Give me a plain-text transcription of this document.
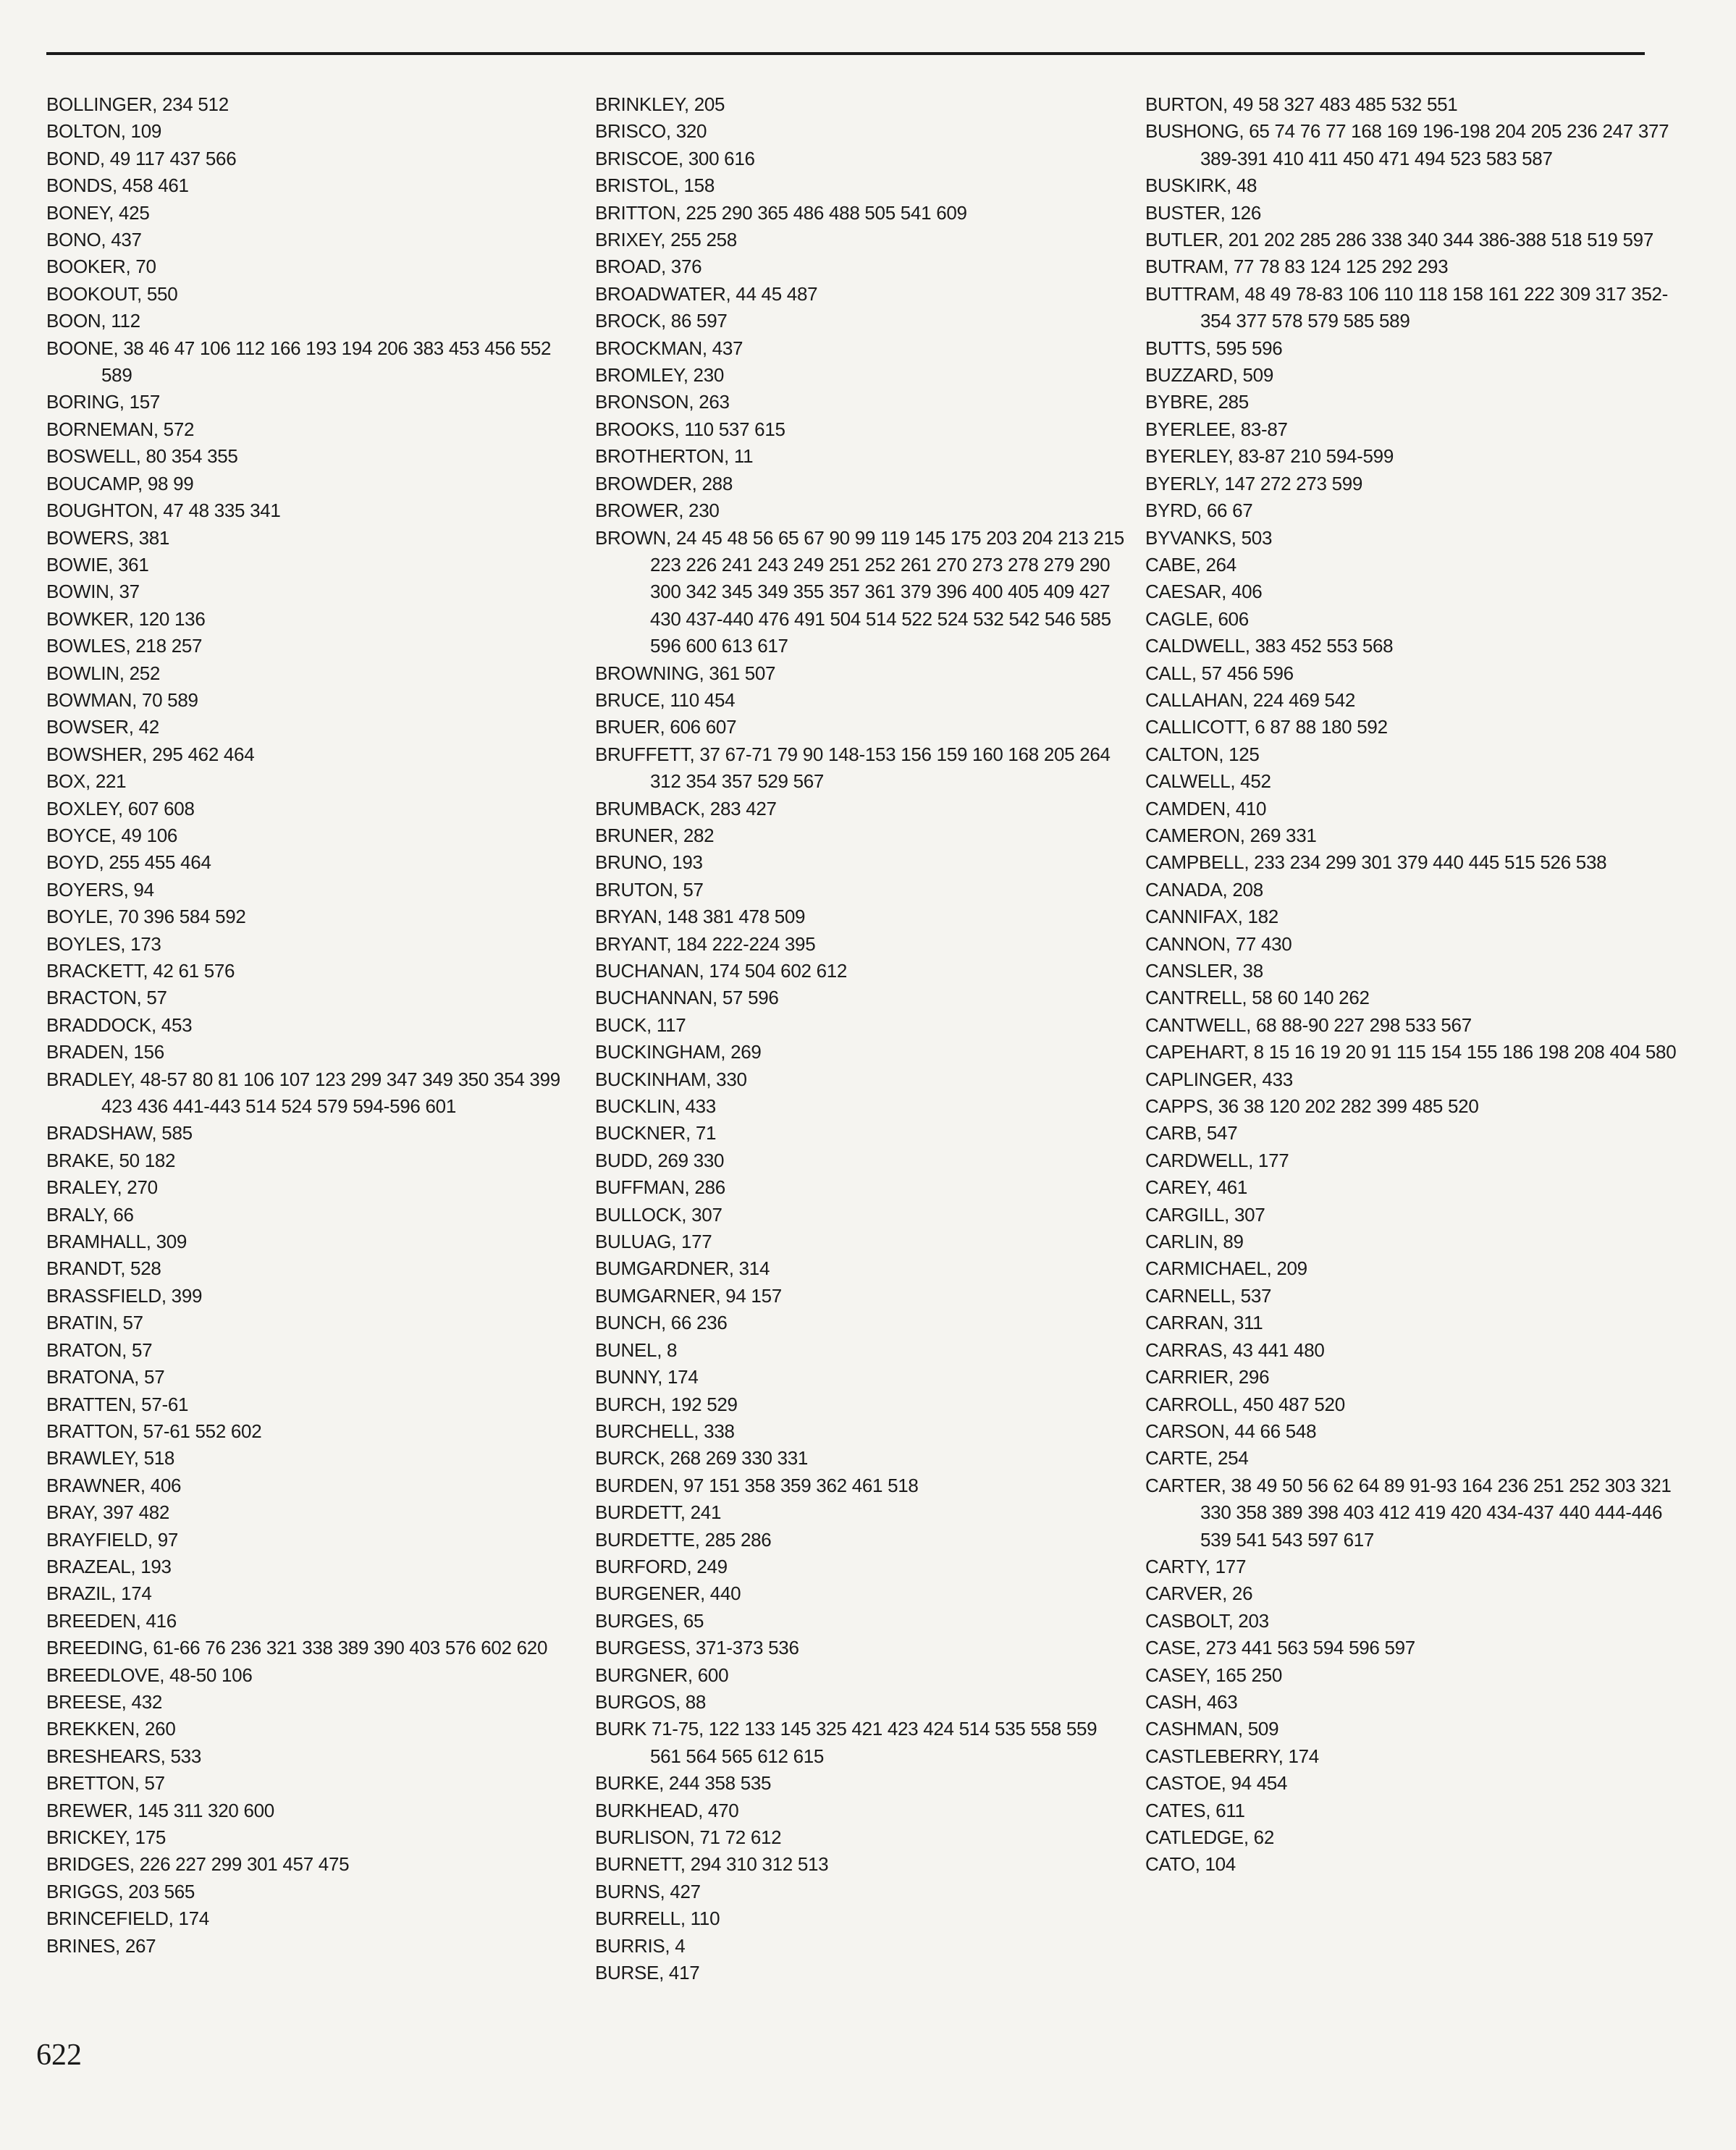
BOLLINGER, 234 512
BOLTON, 109
BOND, 49 117 437 566
BONDS, 458 461
BONEY, 425
BONO, 437
BOOKER, 70
BOOKOUT, 550
BOON, 112
BOONE, 38 46 47 106 112 166 193 194 206 383 453 456 552 589
BORING, 157
BORNEMAN, 572
BOSWELL, 80 354 355
BOUCAMP, 98 99
BOUGHTON, 47 48 335 341
BOWERS, 381
BOWIE, 361
BOWIN, 37
BOWKER, 120 136
BOWLES, 218 257
BOWLIN, 252
BOWMAN, 70 589
BOWSER, 42
BOWSHER, 295 462 464
BOX, 221
BOXLEY, 607 608
BOYCE, 49 106
BOYD, 255 455 464
BOYERS, 94
BOYLE, 70 396 584 592
BOYLES, 173
BRACKETT, 42 61 576
BRACTON, 57
BRADDOCK, 453
BRADEN, 156
BRADLEY, 48-57 80 81 106 107 123 299 347 349 350 354 399 423 436 441-443 514 524 579 594-596 601
BRADSHAW, 585
BRAKE, 50 182
BRALEY, 270
BRALY, 66
BRAMHALL, 309
BRANDT, 528
BRASSFIELD, 399
BRATIN, 57
BRATON, 57
BRATONA, 57
BRATTEN, 57-61
BRATTON, 57-61 552 602
BRAWLEY, 518
BRAWNER, 406
BRAY, 397 482
BRAYFIELD, 97
BRAZEAL, 193
BRAZIL, 174
BREEDEN, 416
BREEDING, 61-66 76 236 321 338 389 390 403 576 602 620
BREEDLOVE, 48-50 106
BREESE, 432
BREKKEN, 260
BRESHEARS, 533
BRETTON, 57
BREWER, 145 311 320 600
BRICKEY, 175
BRIDGES, 226 227 299 301 457 475
BRIGGS, 203 565
BRINCEFIELD, 174
BRINES, 267
BRINKLEY, 205
BRISCO, 320
BRISCOE, 300 616
BRISTOL, 158
BRITTON, 225 290 365 486 488 505 541 609
BRIXEY, 255 258
BROAD, 376
BROADWATER, 44 45 487
BROCK, 86 597
BROCKMAN, 437
BROMLEY, 230
BRONSON, 263
BROOKS, 110 537 615
BROTHERTON, 11
BROWDER, 288
BROWER, 230
BROWN, 24 45 48 56 65 67 90 99 119 145 175 203 204 213 215 223 226 241 243 249 251 252 261 270 273 278 279 290 300 342 345 349 355 357 361 379 396 400 405 409 427 430 437-440 476 491 504 514 522 524 532 542 546 585 596 600 613 617
BROWNING, 361 507
BRUCE, 110 454
BRUER, 606 607
BRUFFETT, 37 67-71 79 90 148-153 156 159 160 168 205 264 312 354 357 529 567
BRUMBACK, 283 427
BRUNER, 282
BRUNO, 193
BRUTON, 57
BRYAN, 148 381 478 509
BRYANT, 184 222-224 395
BUCHANAN, 174 504 602 612
BUCHANNAN, 57 596
BUCK, 117
BUCKINGHAM, 269
BUCKINHAM, 330
BUCKLIN, 433
BUCKNER, 71
BUDD, 269 330
BUFFMAN, 286
BULLOCK, 307
BULUAG, 177
BUMGARDNER, 314
BUMGARNER, 94 157
BUNCH, 66 236
BUNEL, 8
BUNNY, 174
BURCH, 192 529
BURCHELL, 338
BURCK, 268 269 330 331
BURDEN, 97 151 358 359 362 461 518
BURDETT, 241
BURDETTE, 285 286
BURFORD, 249
BURGENER, 440
BURGES, 65
BURGESS, 371-373 536
BURGNER, 600
BURGOS, 88
BURK 71-75, 122 133 145 325 421 423 424 514 535 558 559 561 564 565 612 615
BURKE, 244 358 535
BURKHEAD, 470
BURLISON, 71 72 612
BURNETT, 294 310 312 513
BURNS, 427
BURRELL, 110
BURRIS, 4
BURSE, 417
BURTON, 49 58 327 483 485 532 551
BUSHONG, 65 74 76 77 168 169 196-198 204 205 236 247 377 389-391 410 411 450 471 494 523 583 587
BUSKIRK, 48
BUSTER, 126
BUTLER, 201 202 285 286 338 340 344 386-388 518 519 597
BUTRAM, 77 78 83 124 125 292 293
BUTTRAM, 48 49 78-83 106 110 118 158 161 222 309 317 352-354 377 578 579 585 589
BUTTS, 595 596
BUZZARD, 509
BYBRE, 285
BYERLEE, 83-87
BYERLEY, 83-87 210 594-599
BYERLY, 147 272 273 599
BYRD, 66 67
BYVANKS, 503
CABE, 264
CAESAR, 406
CAGLE, 606
CALDWELL, 383 452 553 568
CALL, 57 456 596
CALLAHAN, 224 469 542
CALLICOTT, 6 87 88 180 592
CALTON, 125
CALWELL, 452
CAMDEN, 410
CAMERON, 269 331
CAMPBELL, 233 234 299 301 379 440 445 515 526 538
CANADA, 208
CANNIFAX, 182
CANNON, 77 430
CANSLER, 38
CANTRELL, 58 60 140 262
CANTWELL, 68 88-90 227 298 533 567
CAPEHART, 8 15 16 19 20 91 115 154 155 186 198 208 404 580
CAPLINGER, 433
CAPPS, 36 38 120 202 282 399 485 520
CARB, 547
CARDWELL, 177
CAREY, 461
CARGILL, 307
CARLIN, 89
CARMICHAEL, 209
CARNELL, 537
CARRAN, 311
CARRAS, 43 441 480
CARRIER, 296
CARROLL, 450 487 520
CARSON, 44 66 548
CARTE, 254
CARTER, 38 49 50 56 62 64 89 91-93 164 236 251 252 303 321 330 358 389 398 403 412 419 420 434-437 440 444-446 539 541 543 597 617
CARTY, 177
CARVER, 26
CASBOLT, 203
CASE, 273 441 563 594 596 597
CASEY, 165 250
CASH, 463
CASHMAN, 509
CASTLEBERRY, 174
CASTOE, 94 454
CATES, 611
CATLEDGE, 62
CATO, 104
622
